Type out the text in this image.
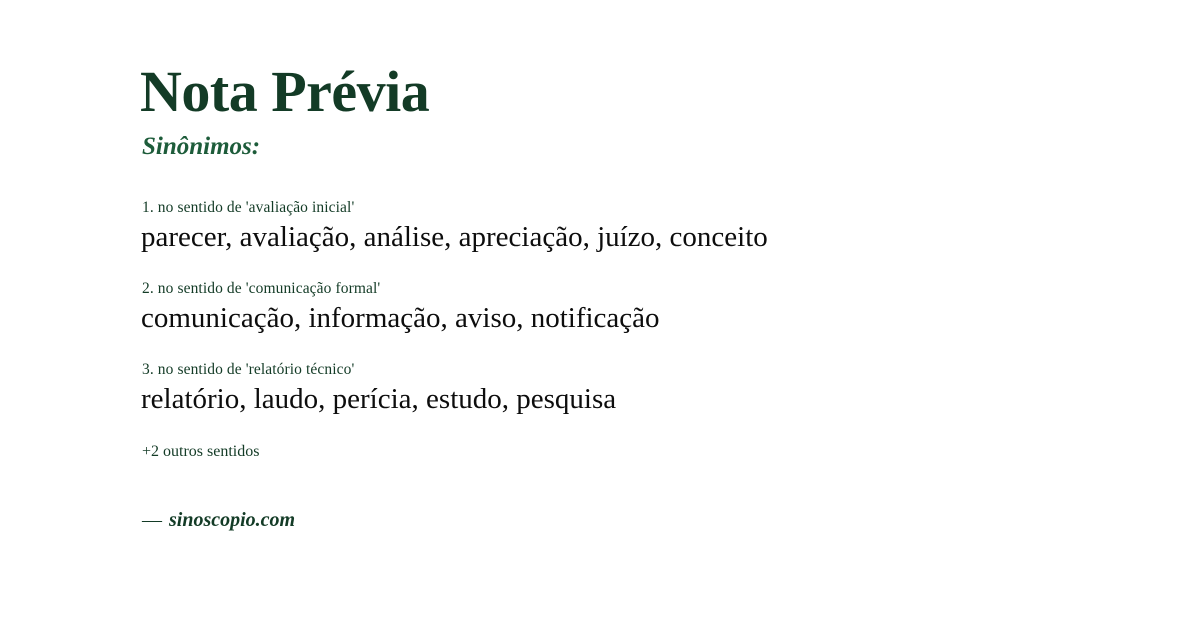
Nota Prévia
Sinônimos:
1. no sentido de 'avaliação inicial'
parecer, avaliação, análise, apreciação, juízo, conceito
2. no sentido de 'comunicação formal'
comunicação, informação, aviso, notificação
3. no sentido de 'relatório técnico'
relatório, laudo, perícia, estudo, pesquisa
+2 outros sentidos
— sinoscopio.com
